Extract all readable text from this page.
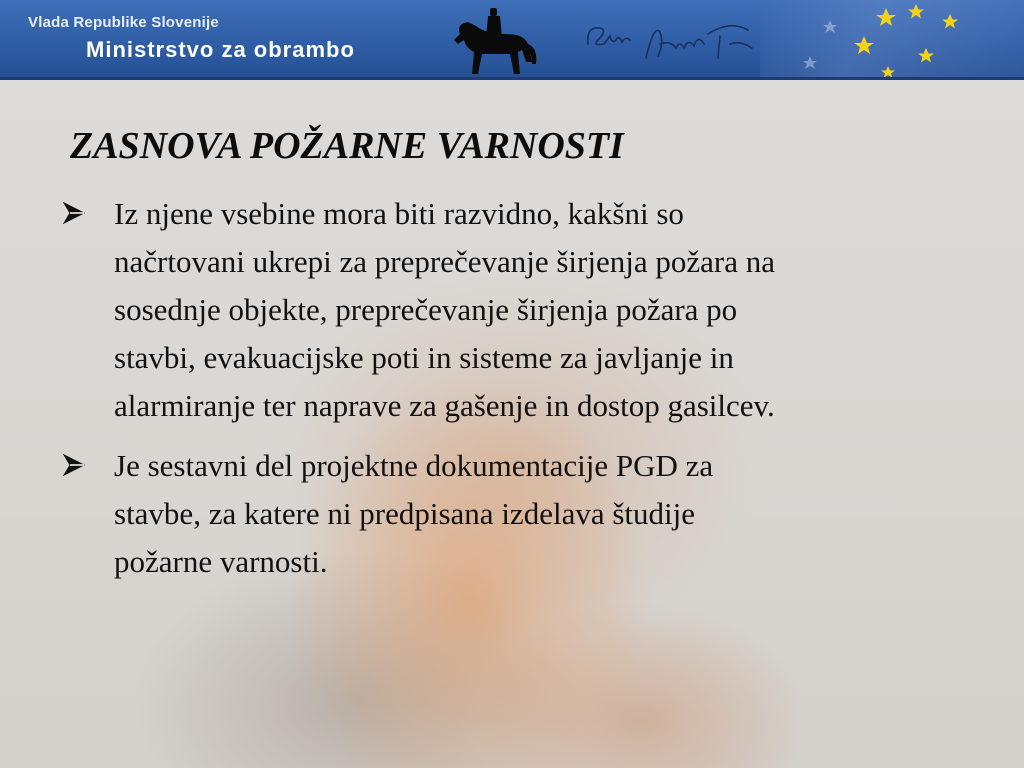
Vlada Republike Slovenije
Ministrstvo za obrambo
ZASNOVA POŽARNE VARNOSTI
Iz njene vsebine mora biti razvidno, kakšni so
načrtovani ukrepi za preprečevanje širjenja požara na
sosednje objekte, preprečevanje širjenja požara po
stavbi, evakuacijske poti in sisteme za javljanje in
alarmiranje ter naprave za gašenje in dostop gasilcev.
Je sestavni del projektne dokumentacije PGD za
stavbe, za katere ni predpisana izdelava študije
požarne varnosti.
